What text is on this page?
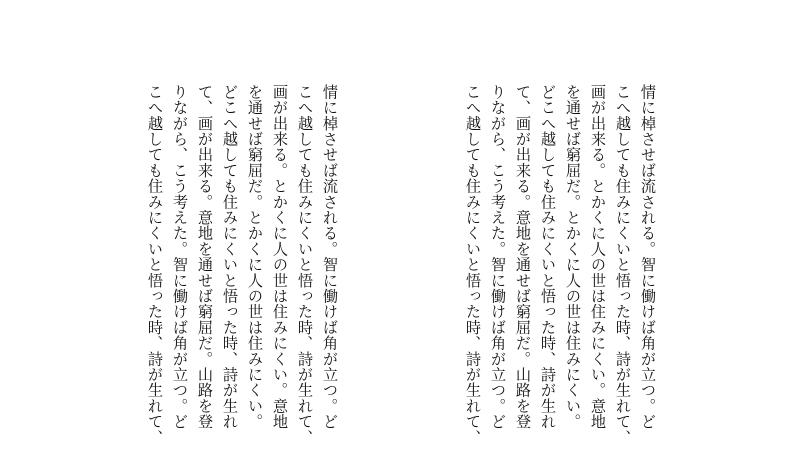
情に棹させば流される。智に働けば角が立つ。ど
こへ越しても住みにくいと悟った時、詩が生れて、
画が出来る。とかくに人の世は住みにくい。意地
を通せば窮屈だ。とかくに人の世は住みにくい。
どこへ越しても住みにくいと悟った時、詩が生れ
て、画が出来る。意地を通せば窮屈だ。山路を登
りながら、こう考えた。智に働けば角が立つ。ど
こへ越しても住みにくいと悟った時、詩が生れて、
情に棹させば流される。智に働けば角が立つ。ど
こへ越しても住みにくいと悟った時、詩が生れて、
画が出来る。とかくに人の世は住みにくい。意地
を通せば窮屈だ。とかくに人の世は住みにくい。
どこへ越しても住みにくいと悟った時、詩が生れ
て、画が出来る。意地を通せば窮屈だ。山路を登
りながら、こう考えた。智に働けば角が立つ。ど
こへ越しても住みにくいと悟った時、詩が生れて、
